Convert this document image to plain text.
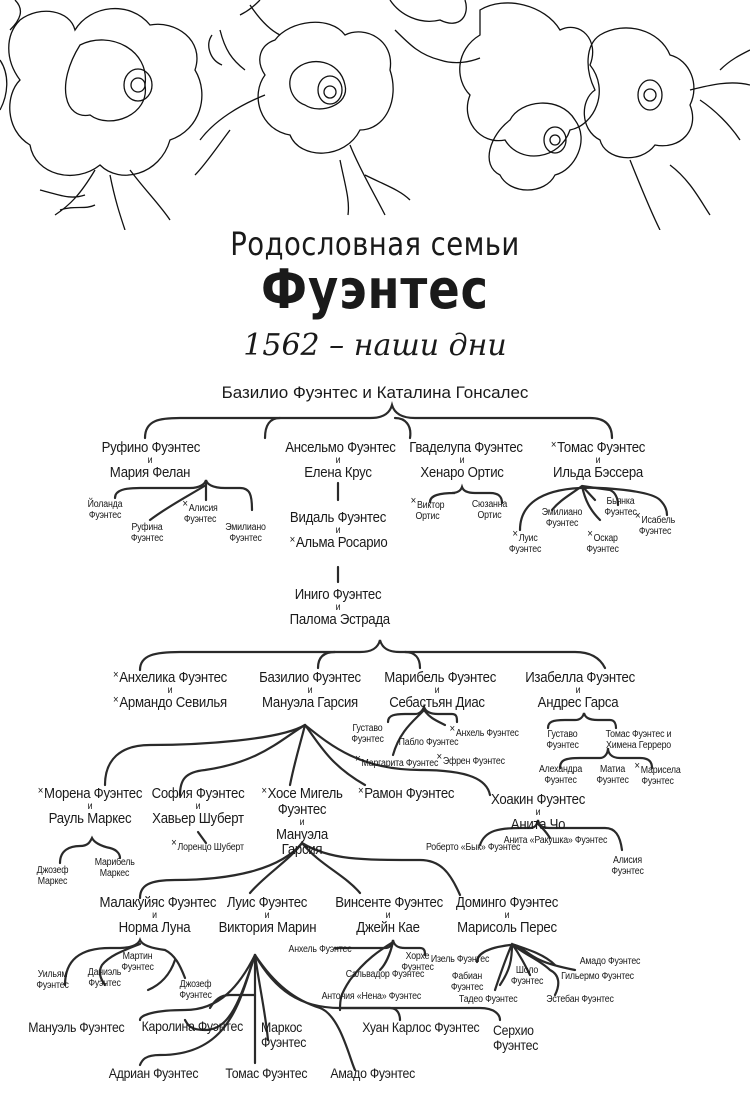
Родословная семьи
Фуэнтес
1562 – наши дни
Базилио Фуэнтес и Каталина Гонсалес
Руфино Фуэнтес
и
Мария Фелан
Ансельмо Фуэнтес
и
Елена Крус
Гваделупа Фуэнтес
и
Хенаро Ортис
×Томас Фуэнтес
и
Ильда Бэссера
Йоланда Фуэнтес
Руфина Фуэнтес
×Алисия Фуэнтес
Эмилиано Фуэнтес
×Виктор Ортис
Сюзанна Ортис
×Луис Фуэнтес
Эмилиано Фуэнтес
×Оскар Фуэнтес
Бьянка Фуэнтес
×Исабель Фуэнтес
Видаль Фуэнтес
и
×Альма Росарио
Иниго Фуэнтес
и
Палома Эстрада
×Анхелика Фуэнтес
и
×Армандо Севилья
Базилио Фуэнтес
и
Мануэла Гарсия
Марибель Фуэнтес
и
Себастьян Диас
Изабелла Фуэнтес
и
Андрес Гарса
Густаво Фуэнтес	Пабло Фуэнтес
×Анхель Фуэнтес
×Маргарита Фуэнтес
×Эфрен Фуэнтес
Густаво Фуэнтес
Томас Фуэнтес и Химена Герреро
Алехандра Фуэнтес
Матиа Фуэнтес
×Марисела Фуэнтес
×Морена Фуэнтес
и
Рауль Маркес
Джозеф Маркес
Марибель Маркес
София Фуэнтес
и
Хавьер Шуберт
×Лоренцо Шуберт
×Хосе Мигель Фуэнтес
и
Мануэла Гарсия
×Рамон Фуэнтес	Хоакин Фуэнтес
и
Анита Чо
Роберто «Бык» Фуэнтес
Анита «Ракушка» Фуэнтес
Алисия Фуэнтес
Малакуйяс Фуэнтес
и
Норма Луна
Луис Фуэнтес
и
Виктория Марин
Винсенте Фуэнтес
и
Джейн Кае
Доминго Фуэнтес
и
Марисоль Перес
Уильям Фуэнтес
Даниэль Фуэнтес
Мартин Фуэнтес
Джозеф Фуэнтес
Анхель Фуэнтес
Хорхе Фуэнтес
Сальвадор Фуэнтес
Антония «Нена» Фуэнтес
Изель Фуэнтес
Фабиан Фуэнтес
Тадео Фуэнтес
Шоло Фуэнтес
Эстебан Фуэнтес
Гильермо Фуэнтес
Амадо Фуэнтес
Мануэль Фуэнтес Каролина Фуэнтес Маркос Фуэнтес
Хуан Карлос Фуэнтес Серхио Фуэнтес
Адриан Фуэнтес Томас Фуэнтес Амадо Фуэнтес
